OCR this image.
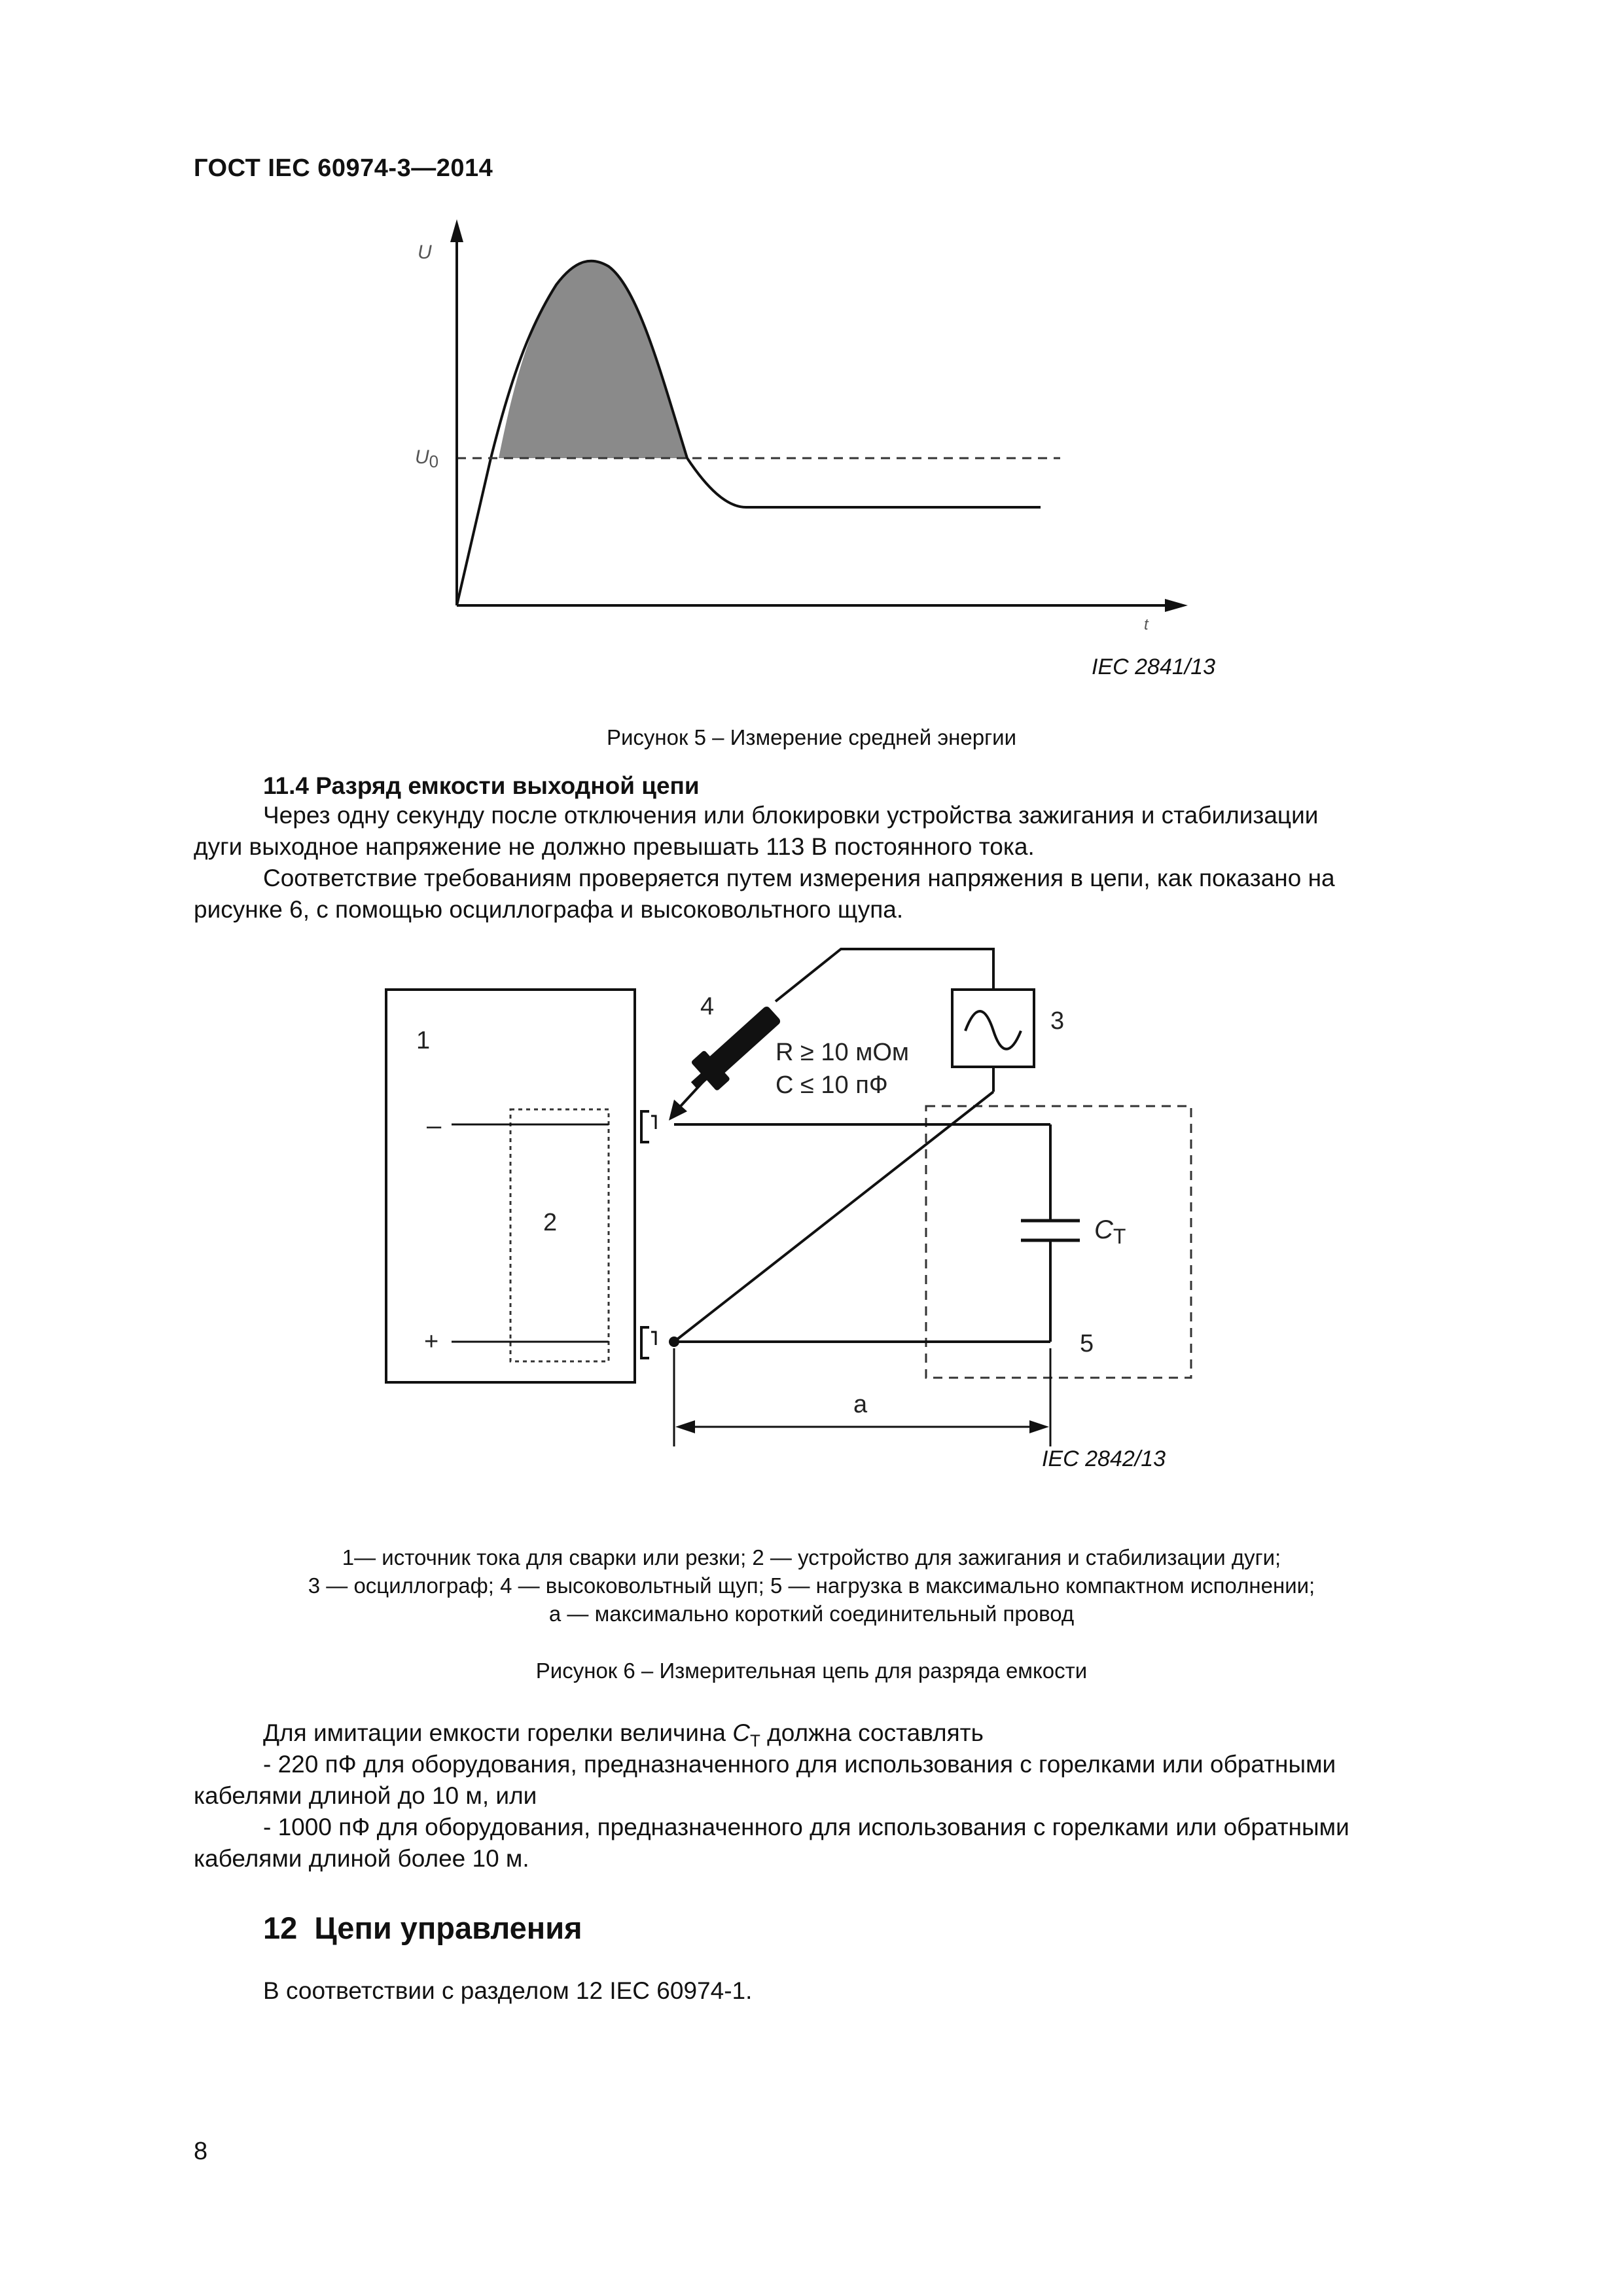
ГОСТ IEC 60974-3—2014
U
U0
t
IEC 2841/13
Рисунок 5 – Измерение средней энергии
11.4 Разряд емкости выходной цепи
Через одну секунду после отключения или блокировки устройства зажигания и стабилизации
дуги выходное напряжение не должно превышать 113 В постоянного тока.
Соответствие требованиям проверяется путем измерения напряжения в цепи, как показано на
рисунке 6, с помощью осциллографа и высоковольтного щупа.
1
2
3
4
5
–
+
R ≥ 10 мОм
C ≤ 10 пФ
$C_T$
a
IEC 2842/13
1— источник тока для сварки или резки; 2 — устройство для зажигания и стабилизации дуги;
3 — осциллограф; 4 — высоковольтный щуп; 5 — нагрузка в максимально компактном исполнении;
a — максимально короткий соединительный провод
Рисунок 6 – Измерительная цепь для разряда емкости
Для имитации емкости горелки величина $C_T$ должна составлять
- 220 пФ для оборудования, предназначенного для использования с горелками или обратными
кабелями длиной до 10 м, или
- 1000 пФ для оборудования, предназначенного для использования с горелками или обратными
кабелями длиной более 10 м.
12  Цепи управления
В соответствии с разделом 12 IEC 60974-1.
8
